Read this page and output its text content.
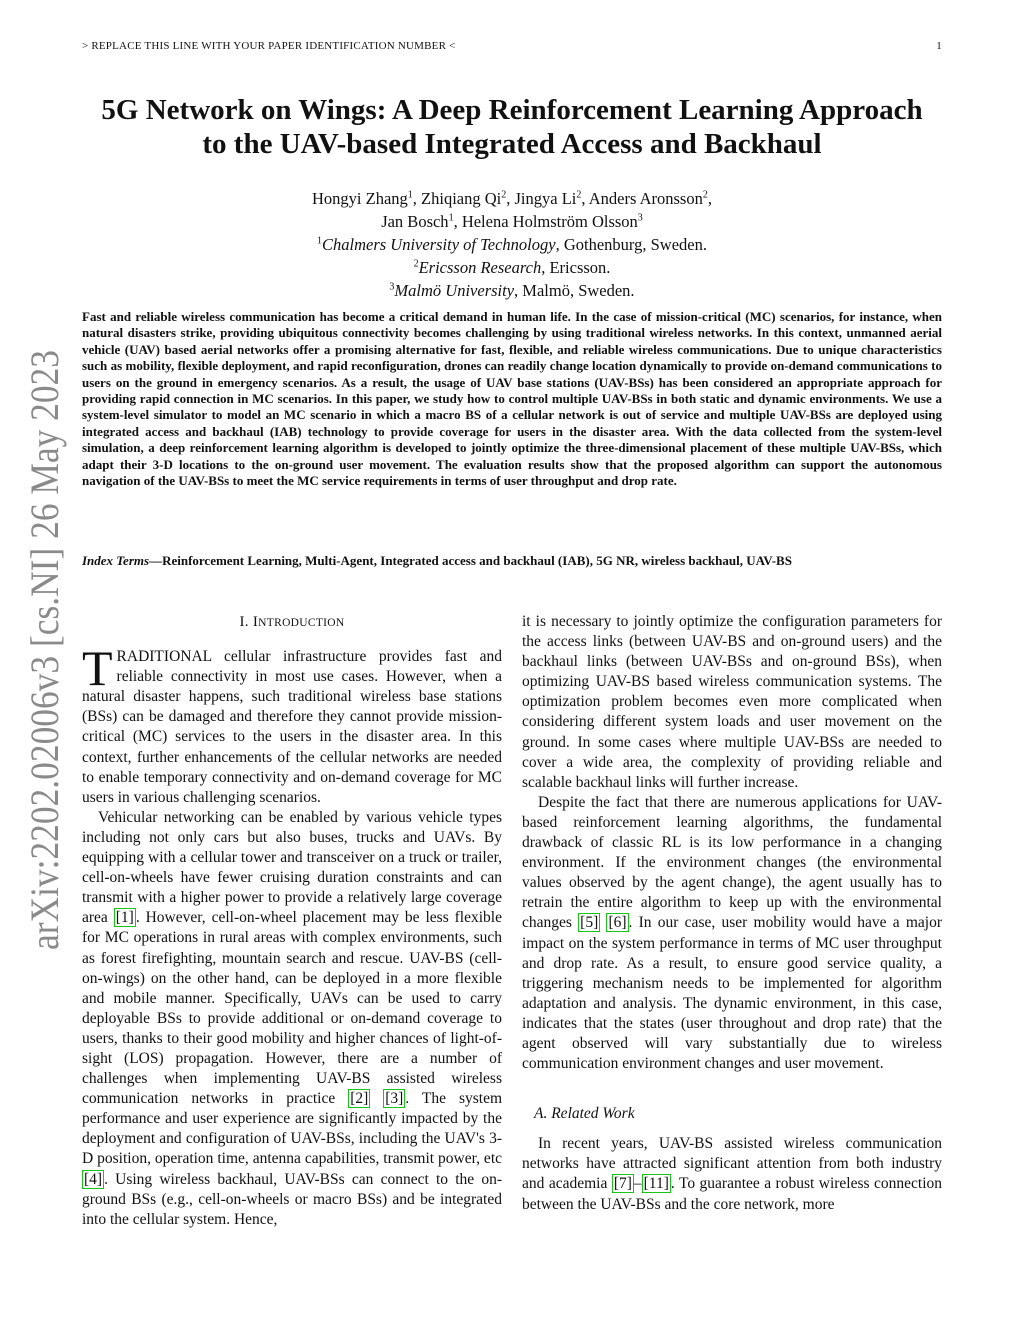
> REPLACE THIS LINE WITH YOUR PAPER IDENTIFICATION NUMBER <	1
arXiv:2202.02006v3 [cs.NI] 26 May 2023
5G Network on Wings: A Deep Reinforcement Learning Approach
to the UAV-based Integrated Access and Backhaul
Hongyi Zhang$^1$, Zhiqiang Qi$^2$, Jingya Li$^2$, Anders Aronsson$^2$,
Jan Bosch$^1$, Helena Holmström Olsson$^3$
$^1$Chalmers University of Technology, Gothenburg, Sweden.
$^2$Ericsson Research, Ericsson.
$^3$Malmö University, Malmö, Sweden.
Fast and reliable wireless communication has become a critical demand in human life. In the case of mission-critical (MC) scenarios, for instance, when natural disasters strike, providing ubiquitous connectivity becomes challenging by using traditional wireless networks. In this context, unmanned aerial vehicle (UAV) based aerial networks offer a promising alternative for fast, flexible, and reliable wireless communications. Due to unique characteristics such as mobility, flexible deployment, and rapid reconfiguration, drones can readily change location dynamically to provide on-demand communications to users on the ground in emergency scenarios. As a result, the usage of UAV base stations (UAV-BSs) has been considered an appropriate approach for providing rapid connection in MC scenarios. In this paper, we study how to control multiple UAV-BSs in both static and dynamic environments. We use a system-level simulator to model an MC scenario in which a macro BS of a cellular network is out of service and multiple UAV-BSs are deployed using integrated access and backhaul (IAB) technology to provide coverage for users in the disaster area. With the data collected from the system-level simulation, a deep reinforcement learning algorithm is developed to jointly optimize the three-dimensional placement of these multiple UAV-BSs, which adapt their 3-D locations to the on-ground user movement. The evaluation results show that the proposed algorithm can support the autonomous navigation of the UAV-BSs to meet the MC service requirements in terms of user throughput and drop rate.
Index Terms—Reinforcement Learning, Multi-Agent, Integrated access and backhaul (IAB), 5G NR, wireless backhaul, UAV-BS
I. INTRODUCTION

TRADITIONAL cellular infrastructure provides fast and reliable connectivity in most use cases. However, when a natural disaster happens, such traditional wireless base stations (BSs) can be damaged and therefore they cannot provide mission-critical (MC) services to the users in the disaster area. In this context, further enhancements of the cellular networks are needed to enable temporary connectivity and on-demand coverage for MC users in various challenging scenarios.

Vehicular networking can be enabled by various vehicle types including not only cars but also buses, trucks and UAVs. By equipping with a cellular tower and transceiver on a truck or trailer, cell-on-wheels have fewer cruising duration constraints and can transmit with a higher power to provide a relatively large coverage area [1] . However, cell-on-wheel placement may be less flexible for MC operations in rural areas with complex environments, such as forest firefighting, mountain search and rescue. UAV-BS (cell-on-wings) on the other hand, can be deployed in a more flexible and mobile manner. Specifically, UAVs can be used to carry deployable BSs to provide additional or on-demand coverage to users, thanks to their good mobility and higher chances of light-of-sight (LOS) propagation. However, there are a number of challenges when implementing UAV-BS assisted wireless communication networks in practice [2] [3] . The system performance and user experience are significantly impacted by the deployment and configuration of UAV-BSs, including the UAV's 3-D position, operation time, antenna capabilities, transmit power, etc [4] . Using wireless backhaul, UAV-BSs can connect to the on-ground BSs (e.g., cell-on-wheels or macro BSs) and be integrated into the cellular system. Hence,

it is necessary to jointly optimize the configuration parameters for the access links (between UAV-BS and on-ground users) and the backhaul links (between UAV-BSs and on-ground BSs), when optimizing UAV-BS based wireless communication systems. The optimization problem becomes even more complicated when considering different system loads and user movement on the ground. In some cases where multiple UAV-BSs are needed to cover a wide area, the complexity of providing reliable and scalable backhaul links will further increase.

Despite the fact that there are numerous applications for UAV-based reinforcement learning algorithms, the fundamental drawback of classic RL is its low performance in a changing environment. If the environment changes (the environmental values observed by the agent change), the agent usually has to retrain the entire algorithm to keep up with the environmental changes [5] [6] . In our case, user mobility would have a major impact on the system performance in terms of MC user throughput and drop rate. As a result, to ensure good service quality, a triggering mechanism needs to be implemented for algorithm adaptation and analysis. The dynamic environment, in this case, indicates that the states (user throughout and drop rate) that the agent observed will vary substantially due to wireless communication environment changes and user movement.

A. Related Work

In recent years, UAV-BS assisted wireless communication networks have attracted significant attention from both industry and academia [7] – [11] . To guarantee a robust wireless connection between the UAV-BSs and the core network, more
